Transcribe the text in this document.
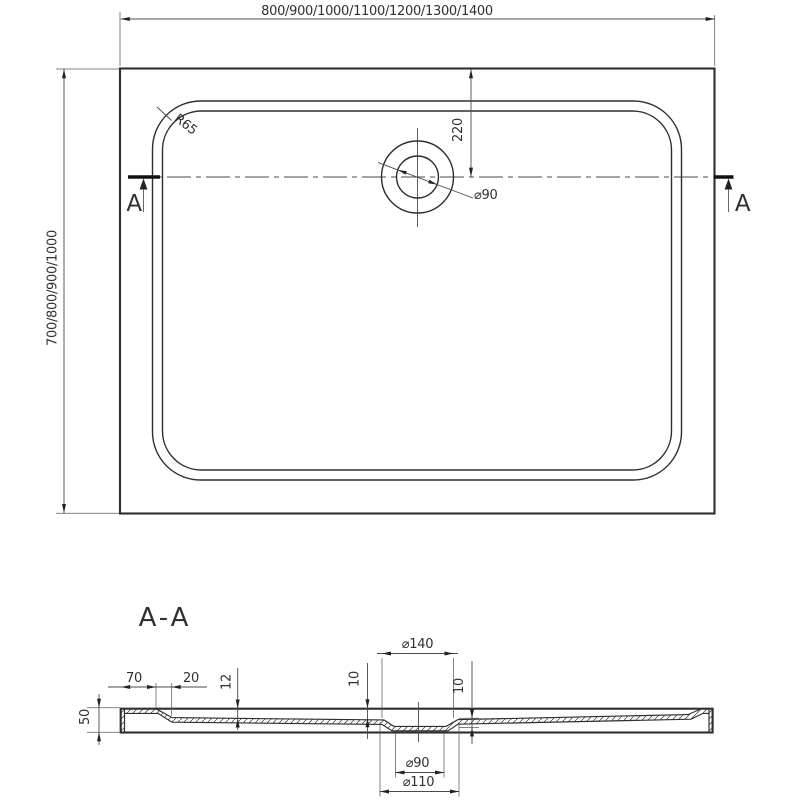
800/900/1000/1100/1200/1300/1400
700/800/900/1000
220
⌀90
R65
A	A
A-A
50
70	20 12
⌀140
10	10
⌀90
⌀110
